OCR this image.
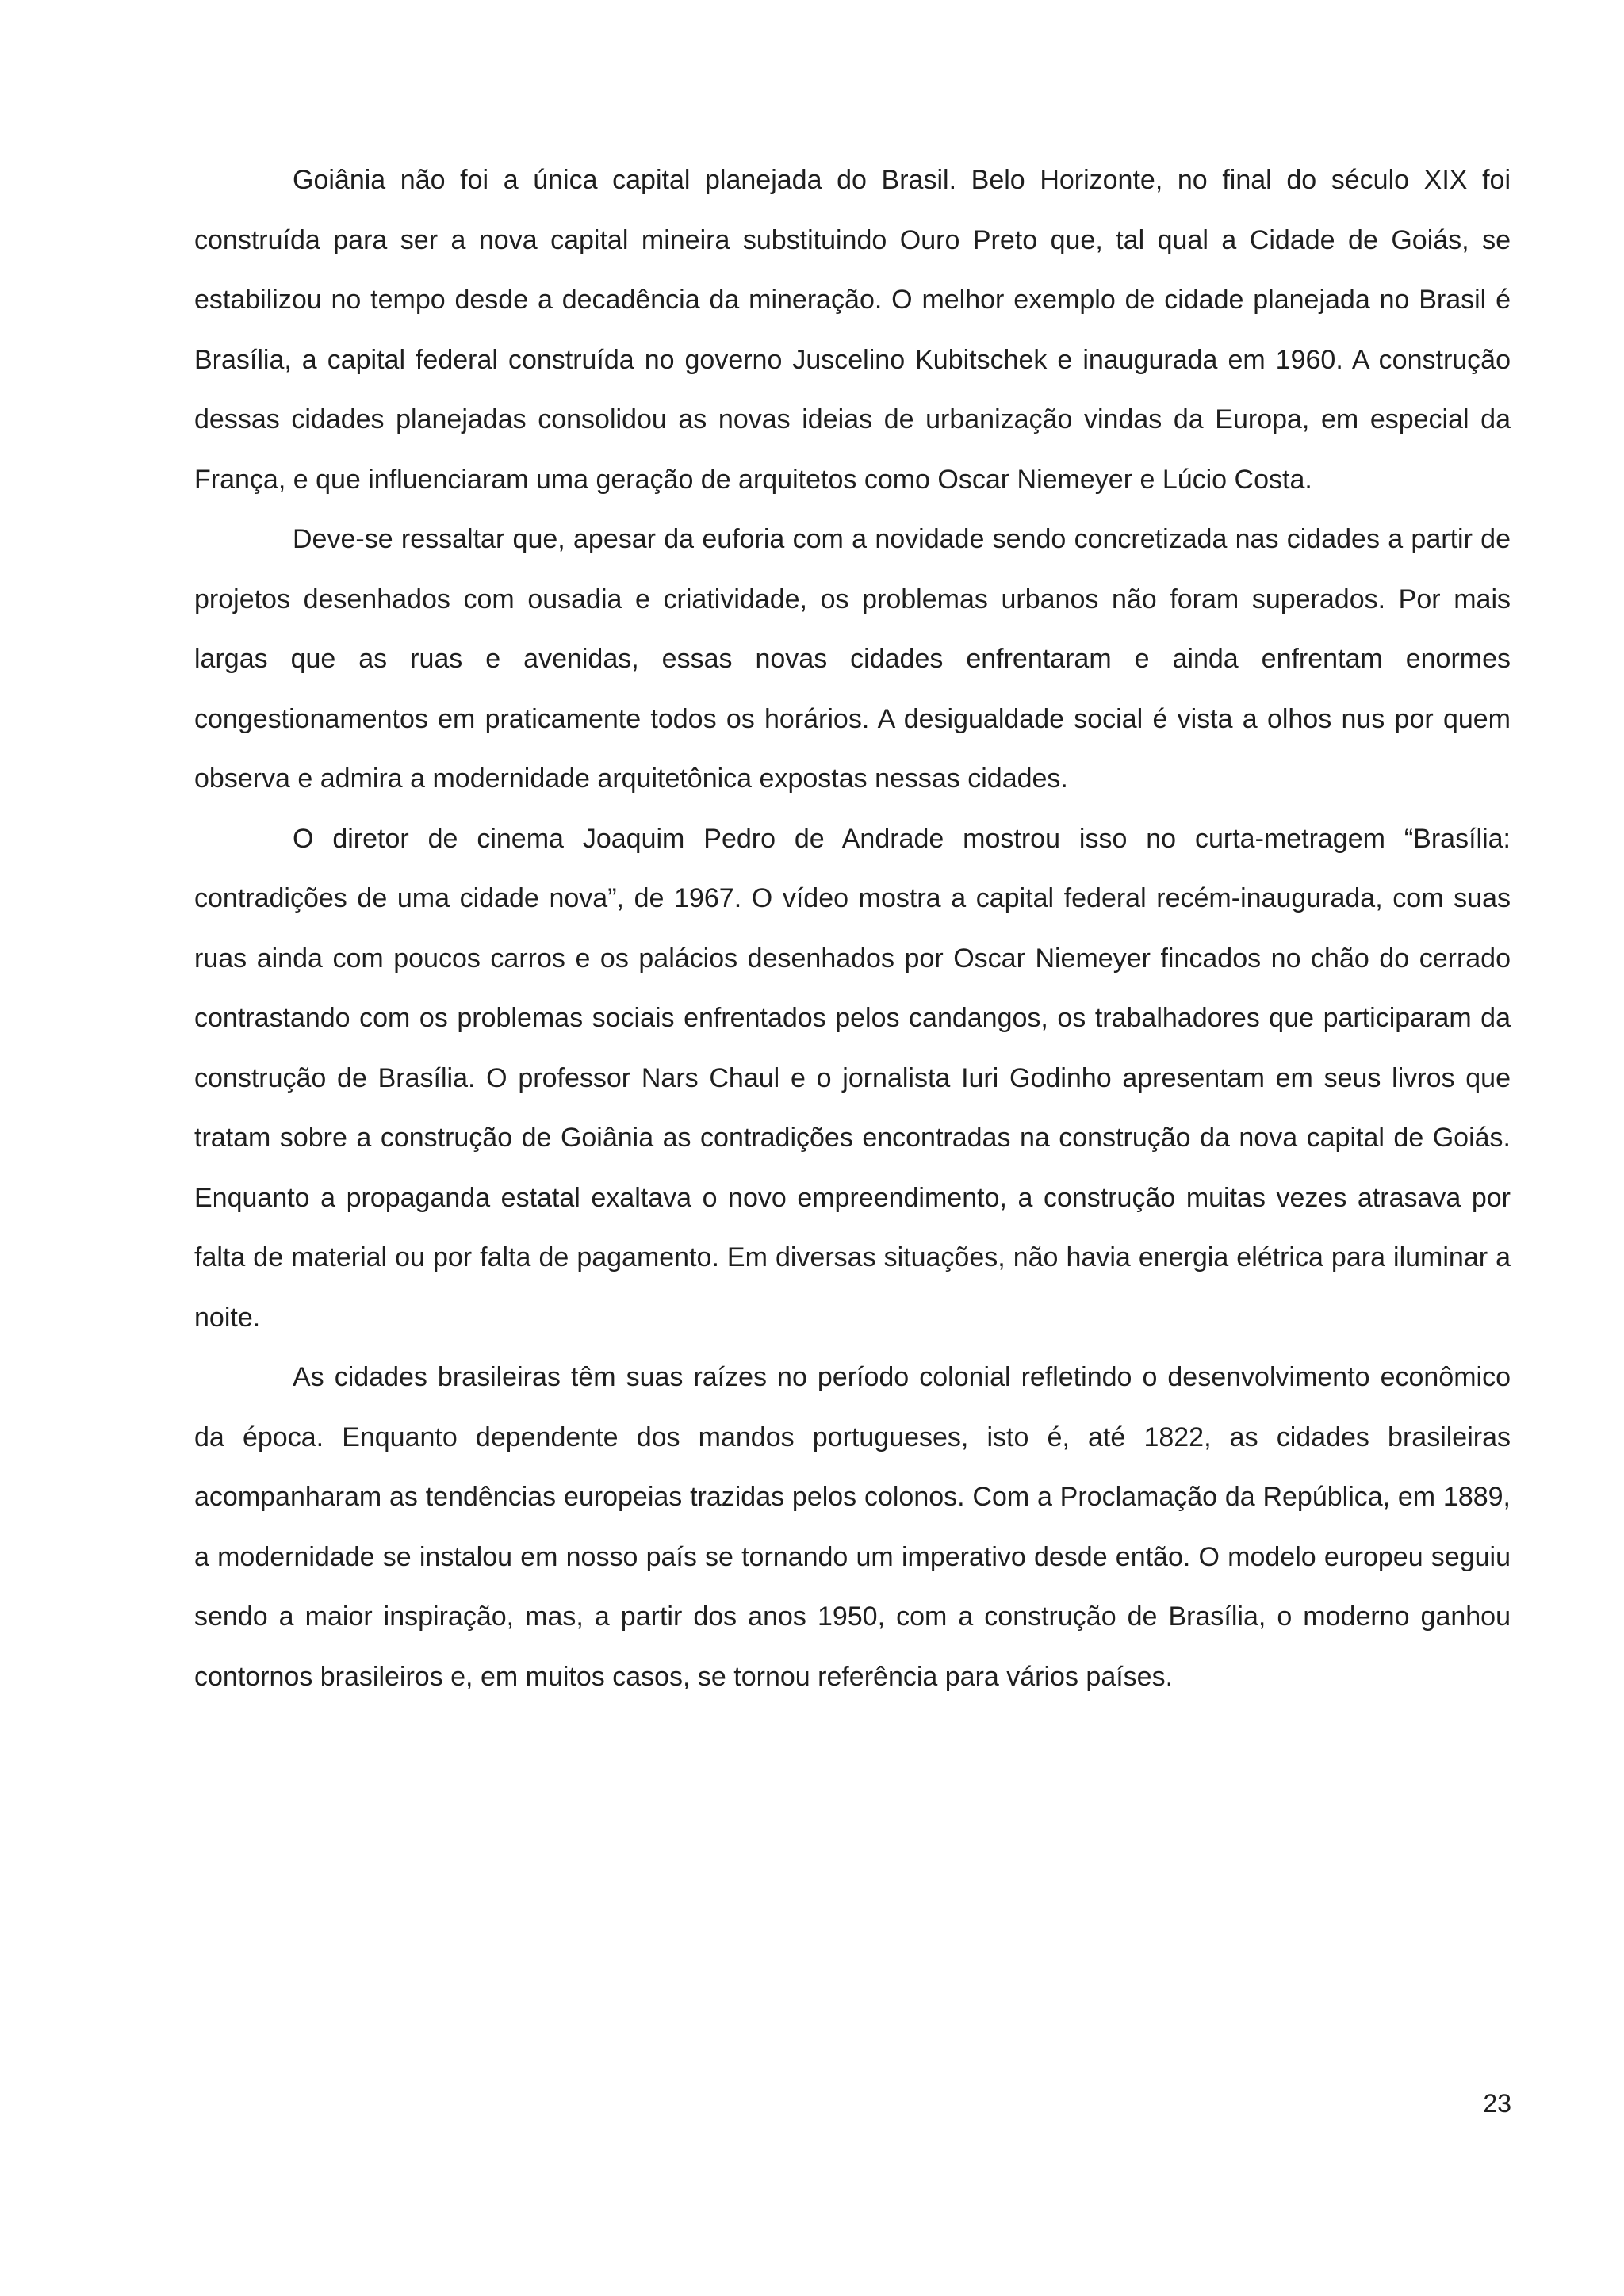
Goiânia não foi a única capital planejada do Brasil. Belo Horizonte, no final do século XIX foi construída para ser a nova capital mineira substituindo Ouro Preto que, tal qual a Cidade de Goiás, se estabilizou no tempo desde a decadência da mineração. O melhor exemplo de cidade planejada no Brasil é Brasília, a capital federal construída no governo Juscelino Kubitschek e inaugurada em 1960. A construção dessas cidades planejadas consolidou as novas ideias de urbanização vindas da Europa, em especial da França, e que influenciaram uma geração de arquitetos como Oscar Niemeyer e Lúcio Costa.

Deve-se ressaltar que, apesar da euforia com a novidade sendo concretizada nas cidades a partir de projetos desenhados com ousadia e criatividade, os problemas urbanos não foram superados. Por mais largas que as ruas e avenidas, essas novas cidades enfrentaram e ainda enfrentam enormes congestionamentos em praticamente todos os horários. A desigualdade social é vista a olhos nus por quem observa e admira a modernidade arquitetônica expostas nessas cidades.

O diretor de cinema Joaquim Pedro de Andrade mostrou isso no curta-metragem “Brasília: contradições de uma cidade nova”, de 1967. O vídeo mostra a capital federal recém-inaugurada, com suas ruas ainda com poucos carros e os palácios desenhados por Oscar Niemeyer fincados no chão do cerrado contrastando com os problemas sociais enfrentados pelos candangos, os trabalhadores que participaram da construção de Brasília. O professor Nars Chaul e o jornalista Iuri Godinho apresentam em seus livros que tratam sobre a construção de Goiânia as contradições encontradas na construção da nova capital de Goiás. Enquanto a propaganda estatal exaltava o novo empreendimento, a construção muitas vezes atrasava por falta de material ou por falta de pagamento. Em diversas situações, não havia energia elétrica para iluminar a noite.

As cidades brasileiras têm suas raízes no período colonial refletindo o desenvolvimento econômico da época. Enquanto dependente dos mandos portugueses, isto é, até 1822, as cidades brasileiras acompanharam as tendências europeias trazidas pelos colonos. Com a Proclamação da República, em 1889, a modernidade se instalou em nosso país se tornando um imperativo desde então. O modelo europeu seguiu sendo a maior inspiração, mas, a partir dos anos 1950, com a construção de Brasília, o moderno ganhou contornos brasileiros e, em muitos casos, se tornou referência para vários países.

23
